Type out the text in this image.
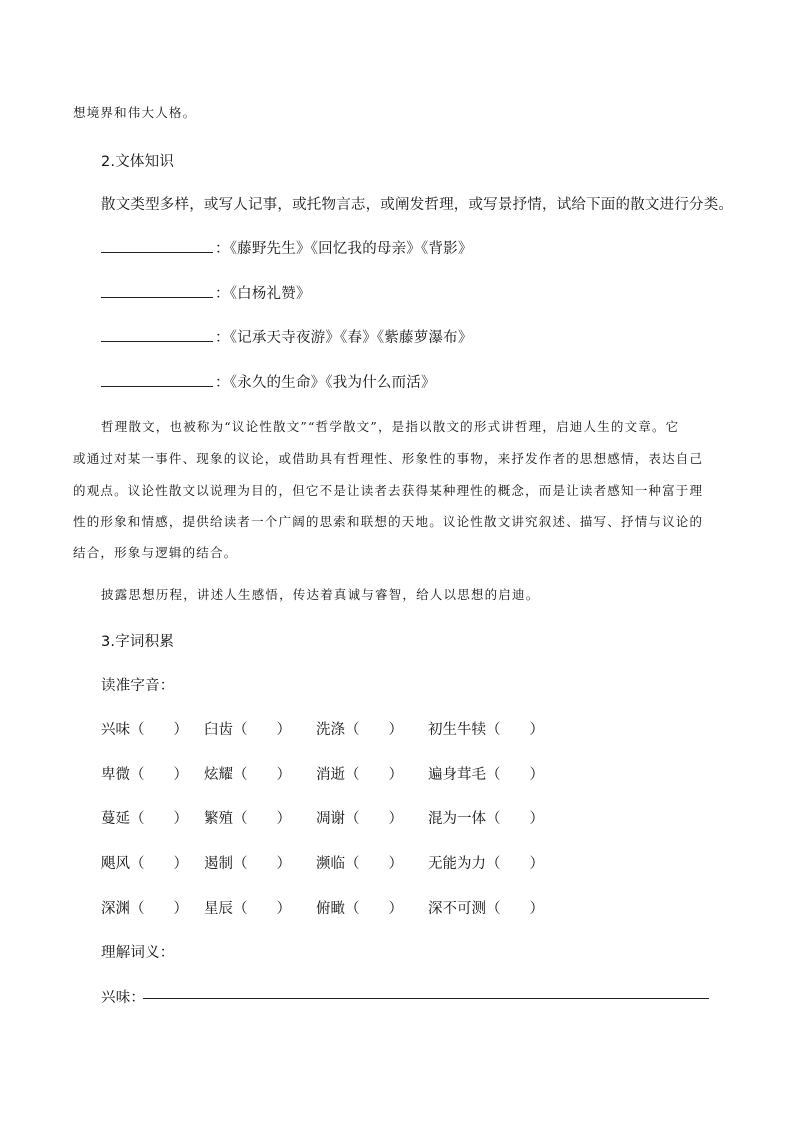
想境界和伟大人格。
2.文体知识
散文类型多样，或写人记事，或托物言志，或阐发哲理，或写景抒情，试给下面的散文进行分类。
：《藤野先生》《回忆我的母亲》《背影》
：《白杨礼赞》
：《记承天寺夜游》《春》《紫藤萝瀑布》
：《永久的生命》《我为什么而活》
哲理散文，也被称为“议论性散文”“哲学散文”，是指以散文的形式讲哲理，启迪人生的文章。它
或通过对某一事件、现象的议论，或借助具有哲理性、形象性的事物，来抒发作者的思想感情，表达自己
的观点。议论性散文以说理为目的，但它不是让读者去获得某种理性的概念，而是让读者感知一种富于理
性的形象和情感，提供给读者一个广阔的思索和联想的天地。议论性散文讲究叙述、描写、抒情与议论的
结合，形象与逻辑的结合。
披露思想历程，讲述人生感悟，传达着真诚与睿智，给人以思想的启迪。
3.字词积累
读准字音：
兴味（　　） 臼齿（　　） 洗涤（　　） 初生牛犊（　　）
卑微（　　） 炫耀（　　） 消逝（　　） 遍身茸毛（　　）
蔓延（　　） 繁殖（　　） 凋谢（　　） 混为一体（　　）
飓风（　　） 遏制（　　） 濒临（　　） 无能为力（　　）
深渊（　　） 星辰（　　） 俯瞰（　　） 深不可测（　　）
理解词义：
兴味：
